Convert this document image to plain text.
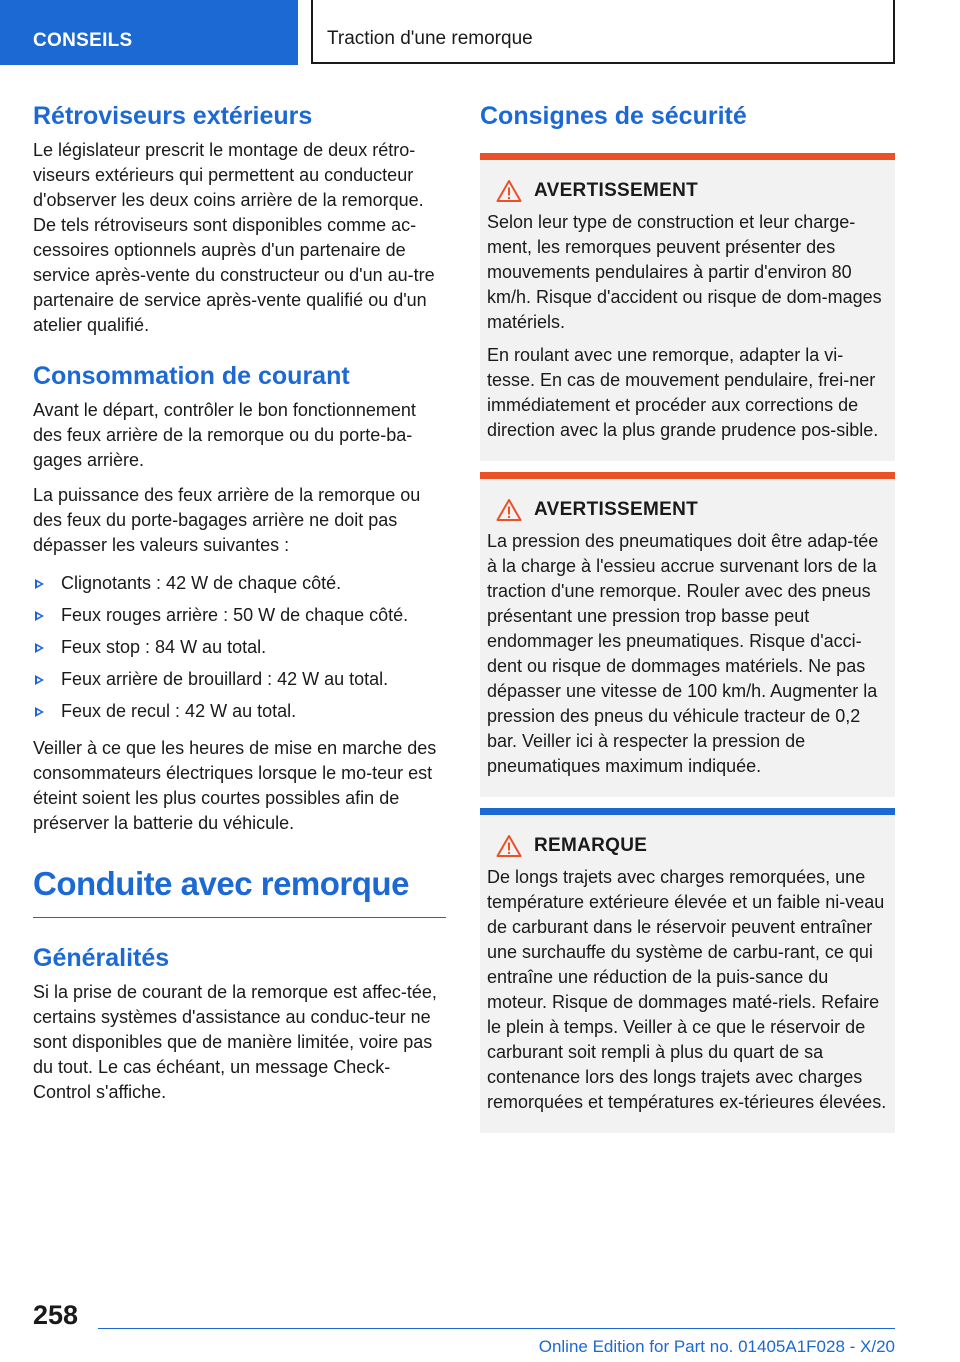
CONSEILS	Traction d'une remorque
Rétroviseurs extérieurs

Le législateur prescrit le montage de deux rétro-viseurs extérieurs qui permettent au conducteur d'observer les deux coins arrière de la remorque. De tels rétroviseurs sont disponibles comme ac-cessoires optionnels auprès d'un partenaire de service après-vente du constructeur ou d'un au-tre partenaire de service après-vente qualifié ou d'un atelier qualifié.

Consommation de courant

Avant le départ, contrôler le bon fonctionnement des feux arrière de la remorque ou du porte-ba-gages arrière.

La puissance des feux arrière de la remorque ou des feux du porte-bagages arrière ne doit pas dépasser les valeurs suivantes :

Clignotants : 42 W de chaque côté.
Feux rouges arrière : 50 W de chaque côté.
Feux stop : 84 W au total.
Feux arrière de brouillard : 42 W au total.
Feux de recul : 42 W au total.

Veiller à ce que les heures de mise en marche des consommateurs électriques lorsque le mo-teur est éteint soient les plus courtes possibles afin de préserver la batterie du véhicule.

Conduite avec remorque
Généralités

Si la prise de courant de la remorque est affec-tée, certains systèmes d'assistance au conduc-teur ne sont disponibles que de manière limitée, voire pas du tout. Le cas échéant, un message Check-Control s'affiche.

Consignes de sécurité
AVERTISSEMENT

Selon leur type de construction et leur charge-ment, les remorques peuvent présenter des mouvements pendulaires à partir d'environ 80 km/h. Risque d'accident ou risque de dom-mages matériels.

En roulant avec une remorque, adapter la vi-tesse. En cas de mouvement pendulaire, frei-ner immédiatement et procéder aux corrections de direction avec la plus grande prudence pos-sible.

AVERTISSEMENT

La pression des pneumatiques doit être adap-tée à la charge à l'essieu accrue survenant lors de la traction d'une remorque. Rouler avec des pneus présentant une pression trop basse peut endommager les pneumatiques. Risque d'acci-dent ou risque de dommages matériels. Ne pas dépasser une vitesse de 100 km/h. Augmenter la pression des pneus du véhicule tracteur de 0,2 bar. Veiller ici à respecter la pression de pneumatiques maximum indiquée.

REMARQUE

De longs trajets avec charges remorquées, une température extérieure élevée et un faible ni-veau de carburant dans le réservoir peuvent entraîner une surchauffe du système de carbu-rant, ce qui entraîne une réduction de la puis-sance du moteur. Risque de dommages maté-riels. Refaire le plein à temps. Veiller à ce que le réservoir de carburant soit rempli à plus du quart de sa contenance lors des longs trajets avec charges remorquées et températures ex-térieures élevées.

258
Online Edition for Part no. 01405A1F028 - X/20
